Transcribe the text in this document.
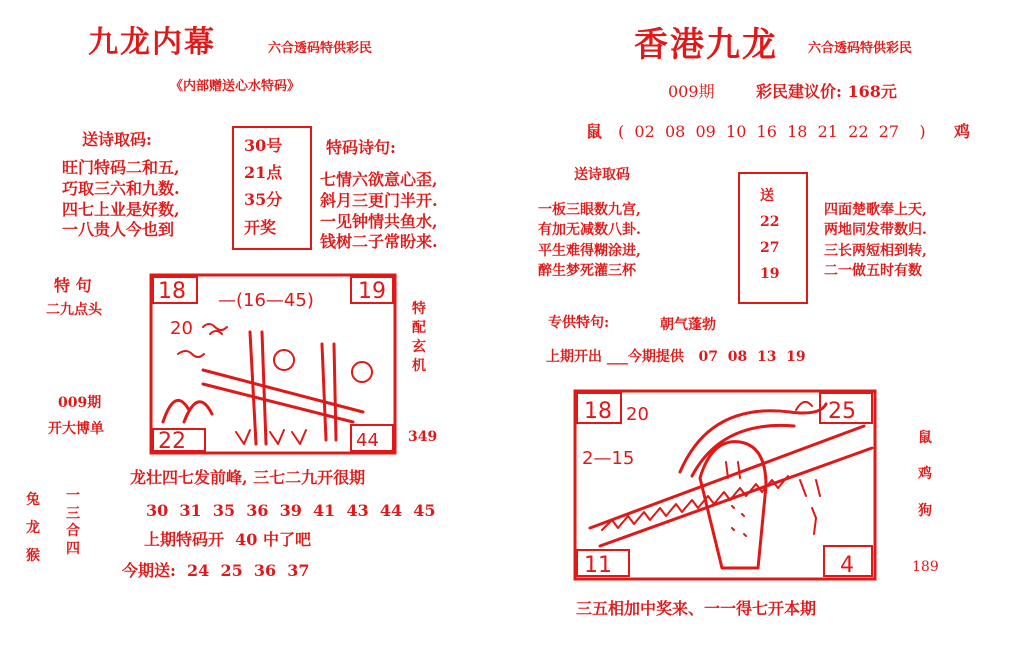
九龙内幕	六合透码特供彩民
《内部赠送心水特码》
送诗取码:
旺门特码二和五,
巧取三六和九数.
四七上业是好数,
一八贵人今也到
30号
21点
35分
开奖
特码诗句:
七情六欲意心歪,
斜月三更门半开.
一见钟情共鱼水,
钱树二子常盼来.
特 句
二九点头
009期
开大博单
18	19
22	44
—(16—45)
20
特
配
玄
机
349
龙壮四七发前峰, 三七二九开很期
30  31  35  36  39  41  43  44  45
上期特码开  40 中了吧
今期送:  24  25  36  37
兔
龙
猴
一
三
合
四
香港九龙 六合透码特供彩民
009期	彩民建议价: 168元
鼠 (  02  08  09  10  16  18  21  22  27    ) 鸡
送诗取码
一板三眼数九宫,
有加无减数八卦.
平生难得糊涂进,
醉生梦死灌三杯
送
22
27
19
四面楚歌奉上天,
两地同发带数归.
三长两短相到转,
二一做五时有数
专供特句:	朝气蓬勃
上期开出 ___今期提供   07  08  13  19
18	25
11	4
20
2—15
鼠
鸡
狗
189
三五相加中奖来、一一得七开本期
